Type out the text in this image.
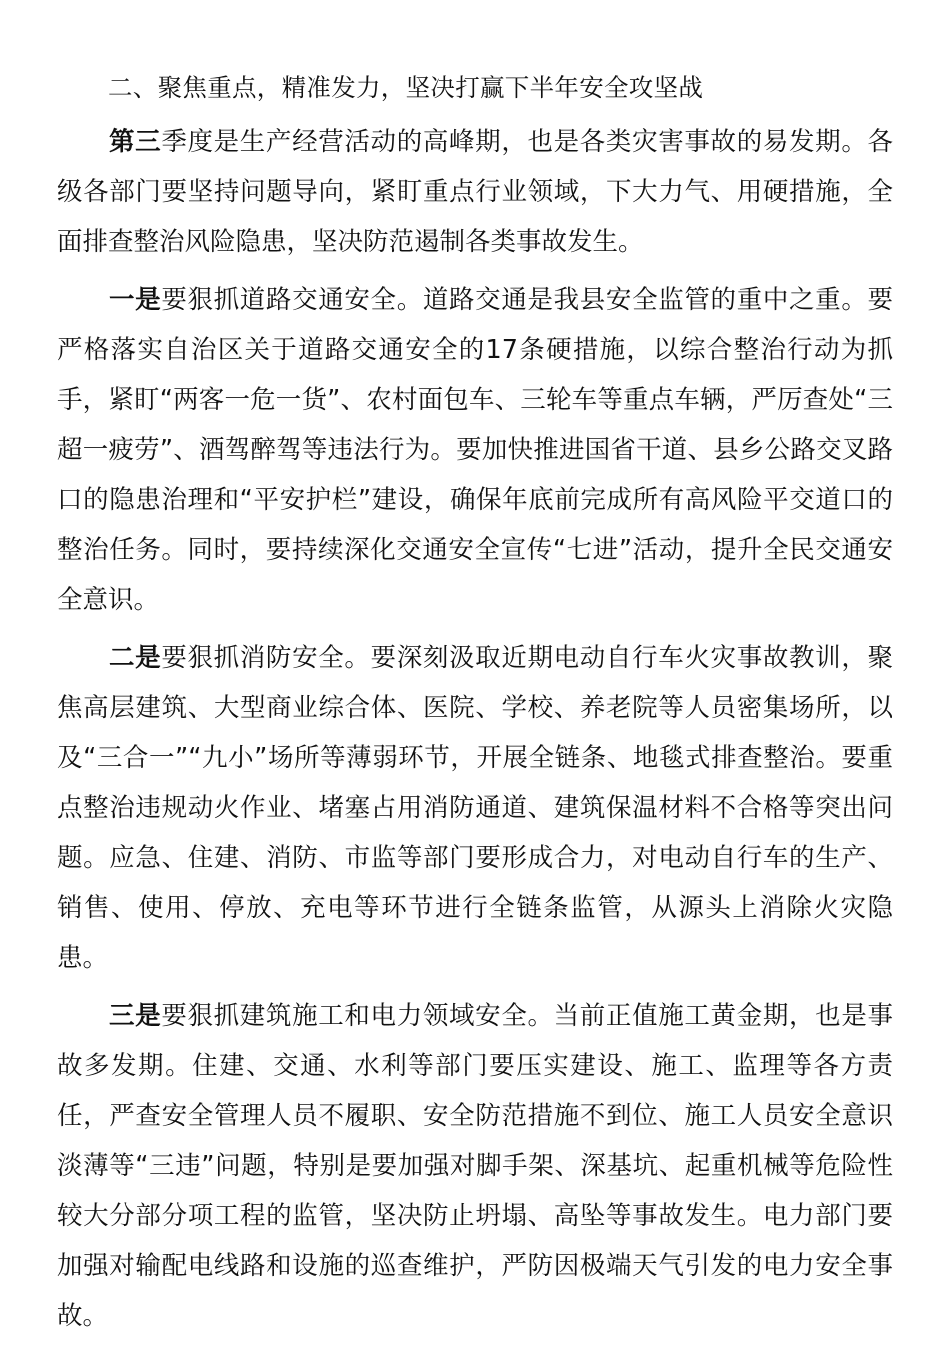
二、聚焦重点，精准发力，坚决打赢下半年安全攻坚战

第三季度是生产经营活动的高峰期，也是各类灾害事故的易发期。各级各部门要坚持问题导向，紧盯重点行业领域，下大力气、用硬措施，全面排查整治风险隐患，坚决防范遏制各类事故发生。

一是要狠抓道路交通安全。道路交通是我县安全监管的重中之重。要严格落实自治区关于道路交通安全的17条硬措施，以综合整治行动为抓手，紧盯“两客一危一货”、农村面包车、三轮车等重点车辆，严厉查处“三超一疲劳”、酒驾醉驾等违法行为。要加快推进国省干道、县乡公路交叉路口的隐患治理和“平安护栏”建设，确保年底前完成所有高风险平交道口的整治任务。同时，要持续深化交通安全宣传“七进”活动，提升全民交通安全意识。

二是要狠抓消防安全。要深刻汲取近期电动自行车火灾事故教训，聚焦高层建筑、大型商业综合体、医院、学校、养老院等人员密集场所，以及“三合一”“九小”场所等薄弱环节，开展全链条、地毯式排查整治。要重点整治违规动火作业、堵塞占用消防通道、建筑保温材料不合格等突出问题。应急、住建、消防、市监等部门要形成合力，对电动自行车的生产、销售、使用、停放、充电等环节进行全链条监管，从源头上消除火灾隐患。

三是要狠抓建筑施工和电力领域安全。当前正值施工黄金期，也是事故多发期。住建、交通、水利等部门要压实建设、施工、监理等各方责任，严查安全管理人员不履职、安全防范措施不到位、施工人员安全意识淡薄等“三违”问题，特别是要加强对脚手架、深基坑、起重机械等危险性较大分部分项工程的监管，坚决防止坍塌、高坠等事故发生。电力部门要加强对输配电线路和设施的巡查维护，严防因极端天气引发的电力安全事故。
